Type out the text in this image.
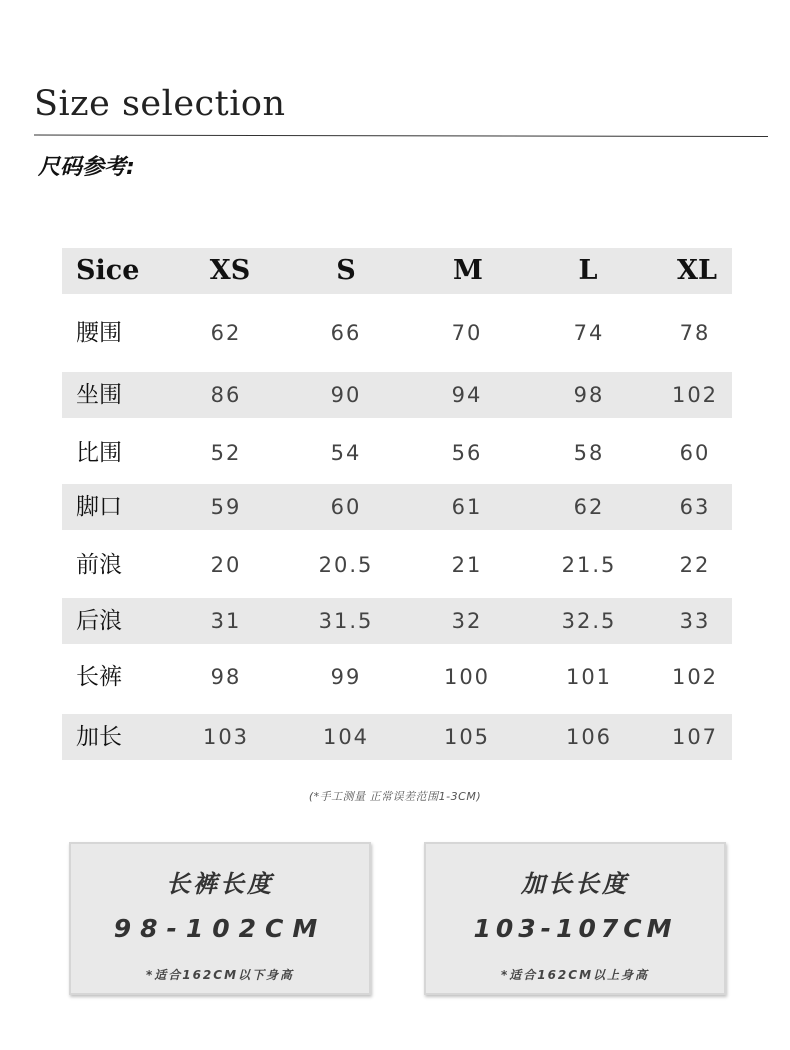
Size selection
尺码参考:
Sice	XS	S	M	L	XL
腰围	62	66	70	74	78
坐围	86	90	94	98	102
比围	52	54	56	58	60
脚口	59	60	61	62	63
前浪	20	20.5	21	21.5	22
后浪	31	31.5	32	32.5	33
长裤	98	99	100	101	102
加长	103	104	105	106	107
(*手工测量 正常误差范围1-3CM)
长裤长度
98-102CM
*适合162CM以下身高
加长长度
103-107CM
*适合162CM以上身高
